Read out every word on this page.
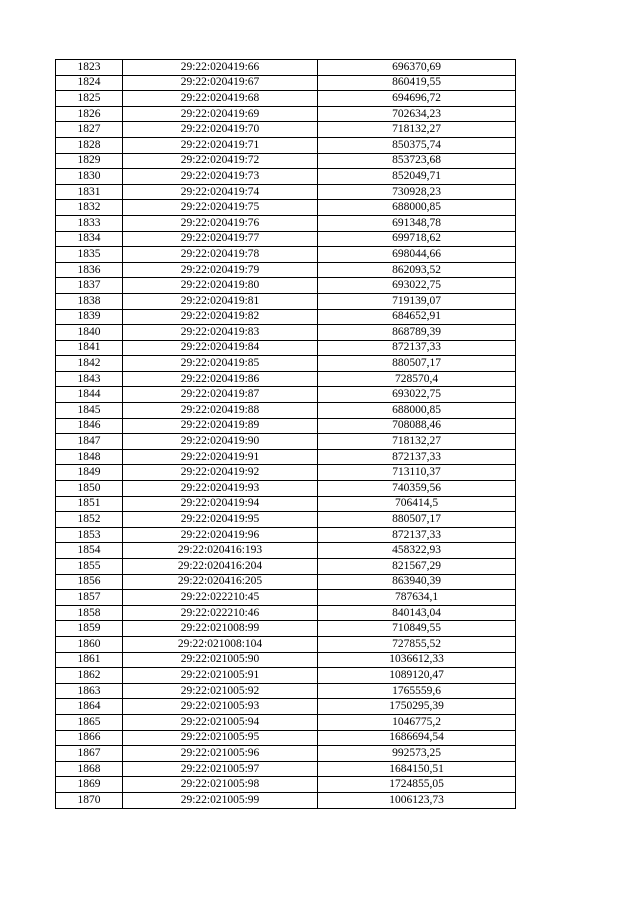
1823	29:22:020419:66	696370,69
1824	29:22:020419:67	860419,55
1825	29:22:020419:68	694696,72
1826	29:22:020419:69	702634,23
1827	29:22:020419:70	718132,27
1828	29:22:020419:71	850375,74
1829	29:22:020419:72	853723,68
1830	29:22:020419:73	852049,71
1831	29:22:020419:74	730928,23
1832	29:22:020419:75	688000,85
1833	29:22:020419:76	691348,78
1834	29:22:020419:77	699718,62
1835	29:22:020419:78	698044,66
1836	29:22:020419:79	862093,52
1837	29:22:020419:80	693022,75
1838	29:22:020419:81	719139,07
1839	29:22:020419:82	684652,91
1840	29:22:020419:83	868789,39
1841	29:22:020419:84	872137,33
1842	29:22:020419:85	880507,17
1843	29:22:020419:86	728570,4
1844	29:22:020419:87	693022,75
1845	29:22:020419:88	688000,85
1846	29:22:020419:89	708088,46
1847	29:22:020419:90	718132,27
1848	29:22:020419:91	872137,33
1849	29:22:020419:92	713110,37
1850	29:22:020419:93	740359,56
1851	29:22:020419:94	706414,5
1852	29:22:020419:95	880507,17
1853	29:22:020419:96	872137,33
1854	29:22:020416:193	458322,93
1855	29:22:020416:204	821567,29
1856	29:22:020416:205	863940,39
1857	29:22:022210:45	787634,1
1858	29:22:022210:46	840143,04
1859	29:22:021008:99	710849,55
1860	29:22:021008:104	727855,52
1861	29:22:021005:90	1036612,33
1862	29:22:021005:91	1089120,47
1863	29:22:021005:92	1765559,6
1864	29:22:021005:93	1750295,39
1865	29:22:021005:94	1046775,2
1866	29:22:021005:95	1686694,54
1867	29:22:021005:96	992573,25
1868	29:22:021005:97	1684150,51
1869	29:22:021005:98	1724855,05
1870	29:22:021005:99	1006123,73
